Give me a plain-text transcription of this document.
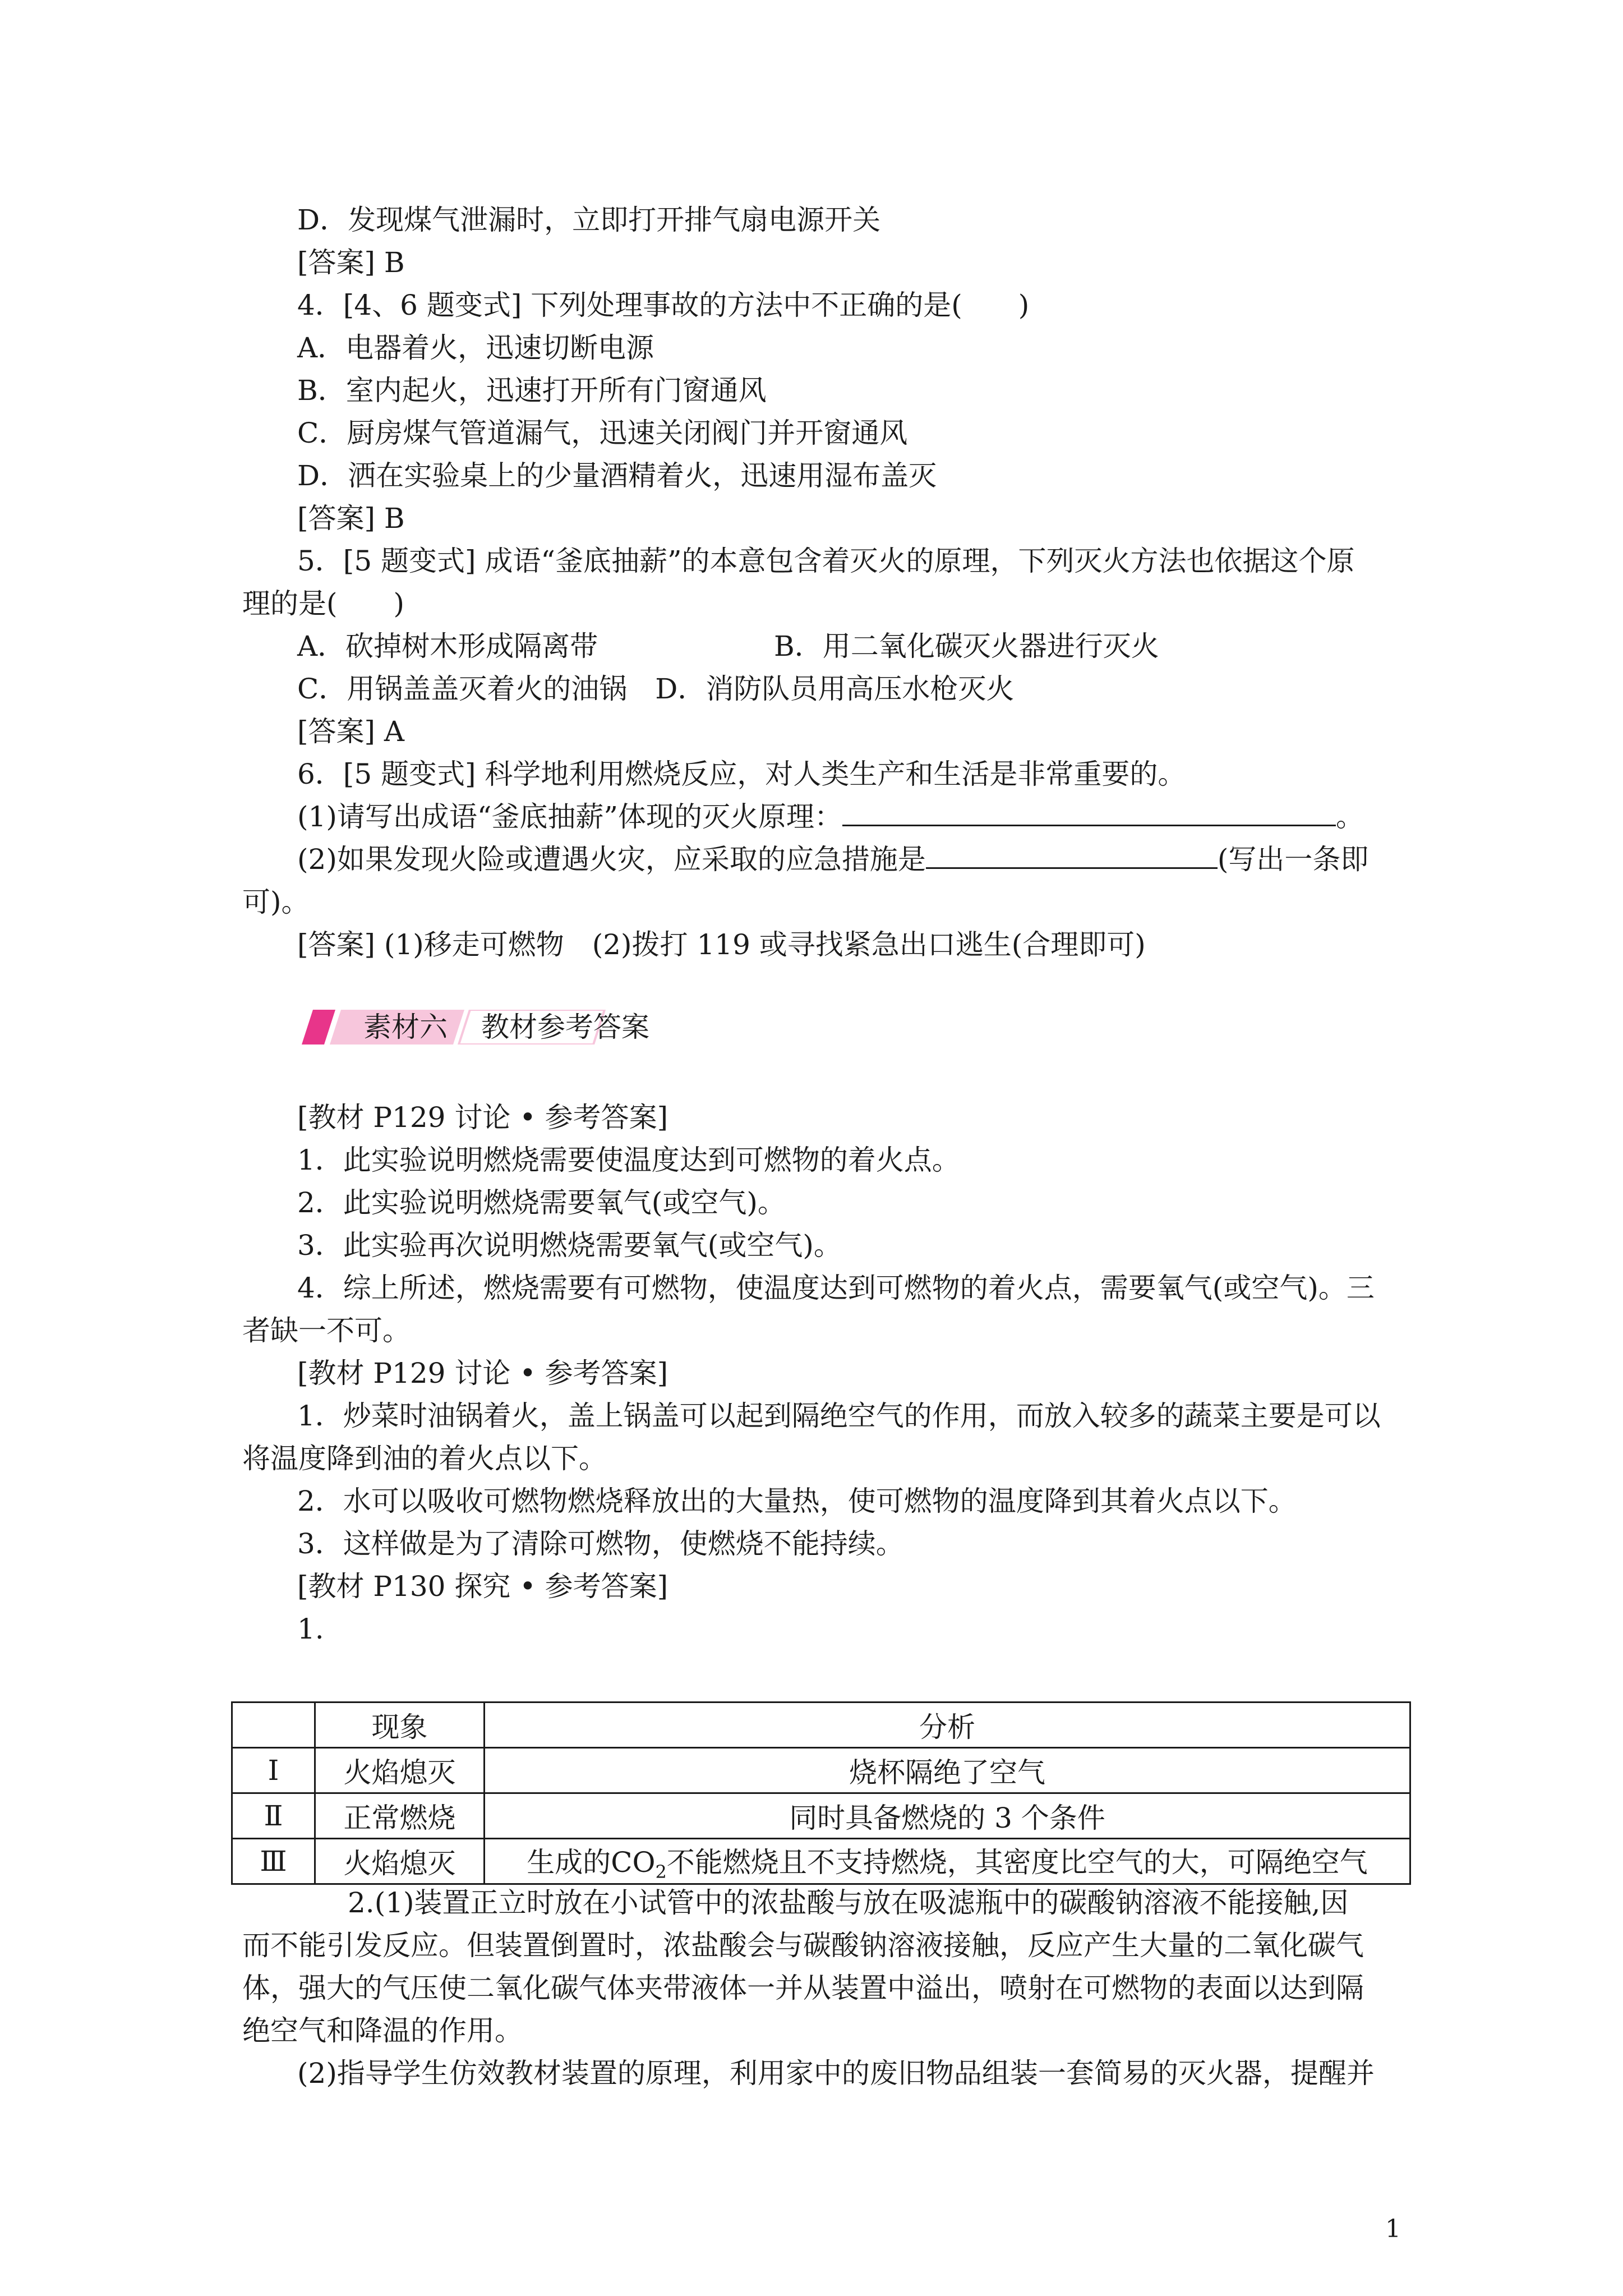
D．发现煤气泄漏时，立即打开排气扇电源开关
[答案] B
4．[4、6 题变式] 下列处理事故的方法中不正确的是(　　)
A．电器着火，迅速切断电源
B．室内起火，迅速打开所有门窗通风
C．厨房煤气管道漏气，迅速关闭阀门并开窗通风
D．洒在实验桌上的少量酒精着火，迅速用湿布盖灭
[答案] B
5．[5 题变式] 成语“釜底抽薪”的本意包含着灭火的原理，下列灭火方法也依据这个原
理的是(　　)
A．砍掉树木形成隔离带	B．用二氧化碳灭火器进行灭火
C．用锅盖盖灭着火的油锅　D．消防队员用高压水枪灭火
[答案] A
6．[5 题变式] 科学地利用燃烧反应，对人类生产和生活是非常重要的。
(1)请写出成语“釜底抽薪”体现的灭火原理：	。
(2)如果发现火险或遭遇火灾，应采取的应急措施是	(写出一条即
可)。
[答案] (1)移走可燃物　(2)拨打 119 或寻找紧急出口逃生(合理即可)
素材六 教材参考答案
[教材 P129 讨论 • 参考答案]
1．此实验说明燃烧需要使温度达到可燃物的着火点。
2．此实验说明燃烧需要氧气(或空气)。
3．此实验再次说明燃烧需要氧气(或空气)。
4．综上所述，燃烧需要有可燃物，使温度达到可燃物的着火点，需要氧气(或空气)。三
者缺一不可。
[教材 P129 讨论 • 参考答案]
1．炒菜时油锅着火，盖上锅盖可以起到隔绝空气的作用，而放入较多的蔬菜主要是可以
将温度降到油的着火点以下。
2．水可以吸收可燃物燃烧释放出的大量热，使可燃物的温度降到其着火点以下。
3．这样做是为了清除可燃物，使燃烧不能持续。
[教材 P130 探究 • 参考答案]
1.
	现象	分析
Ⅰ	火焰熄灭	烧杯隔绝了空气
Ⅱ	正常燃烧	同时具备燃烧的 3 个条件
Ⅲ	火焰熄灭	生成的$CO_2$不能燃烧且不支持燃烧，其密度比空气的大，可隔绝空气
2.(1)装置正立时放在小试管中的浓盐酸与放在吸滤瓶中的碳酸钠溶液不能接触,因
而不能引发反应。但装置倒置时，浓盐酸会与碳酸钠溶液接触，反应产生大量的二氧化碳气
体，强大的气压使二氧化碳气体夹带液体一并从装置中溢出，喷射在可燃物的表面以达到隔
绝空气和降温的作用。
(2)指导学生仿效教材装置的原理，利用家中的废旧物品组装一套简易的灭火器，提醒并
1
